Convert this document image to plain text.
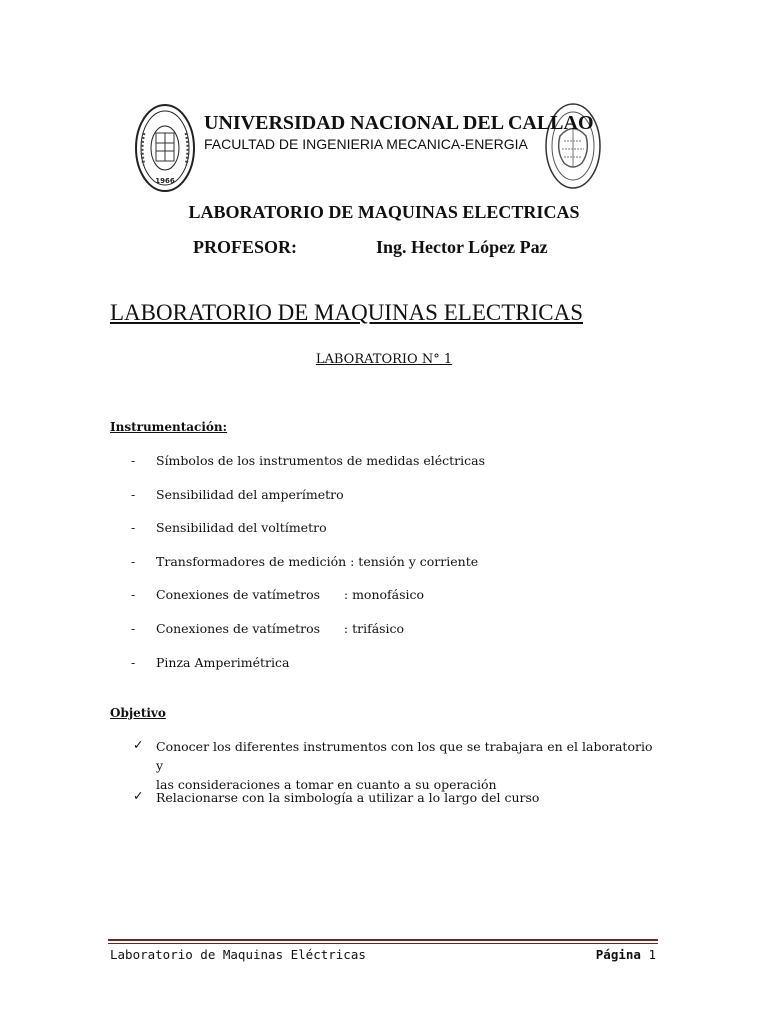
1966
UNIVERSIDAD NACIONAL DEL CALLAO
FACULTAD DE INGENIERIA MECANICA-ENERGIA
LABORATORIO DE MAQUINAS ELECTRICAS
PROFESOR:	Ing. Hector López Paz
LABORATORIO DE MAQUINAS ELECTRICAS
LABORATORIO N° 1
Instrumentación:
- Símbolos de los instrumentos de medidas eléctricas
- Sensibilidad del amperímetro
- Sensibilidad del voltímetro
- Transformadores de medición : tensión y corriente
- Conexiones de vatímetros      : monofásico
- Conexiones de vatímetros      : trifásico
- Pinza Amperimétrica
Objetivo
✓ Conocer los diferentes instrumentos con los que se trabajara en el laboratorio y
las consideraciones a tomar en cuanto a su operación
✓ Relacionarse con la simbología a utilizar a lo largo del curso
Laboratorio de Maquinas Eléctricas	Página 1
